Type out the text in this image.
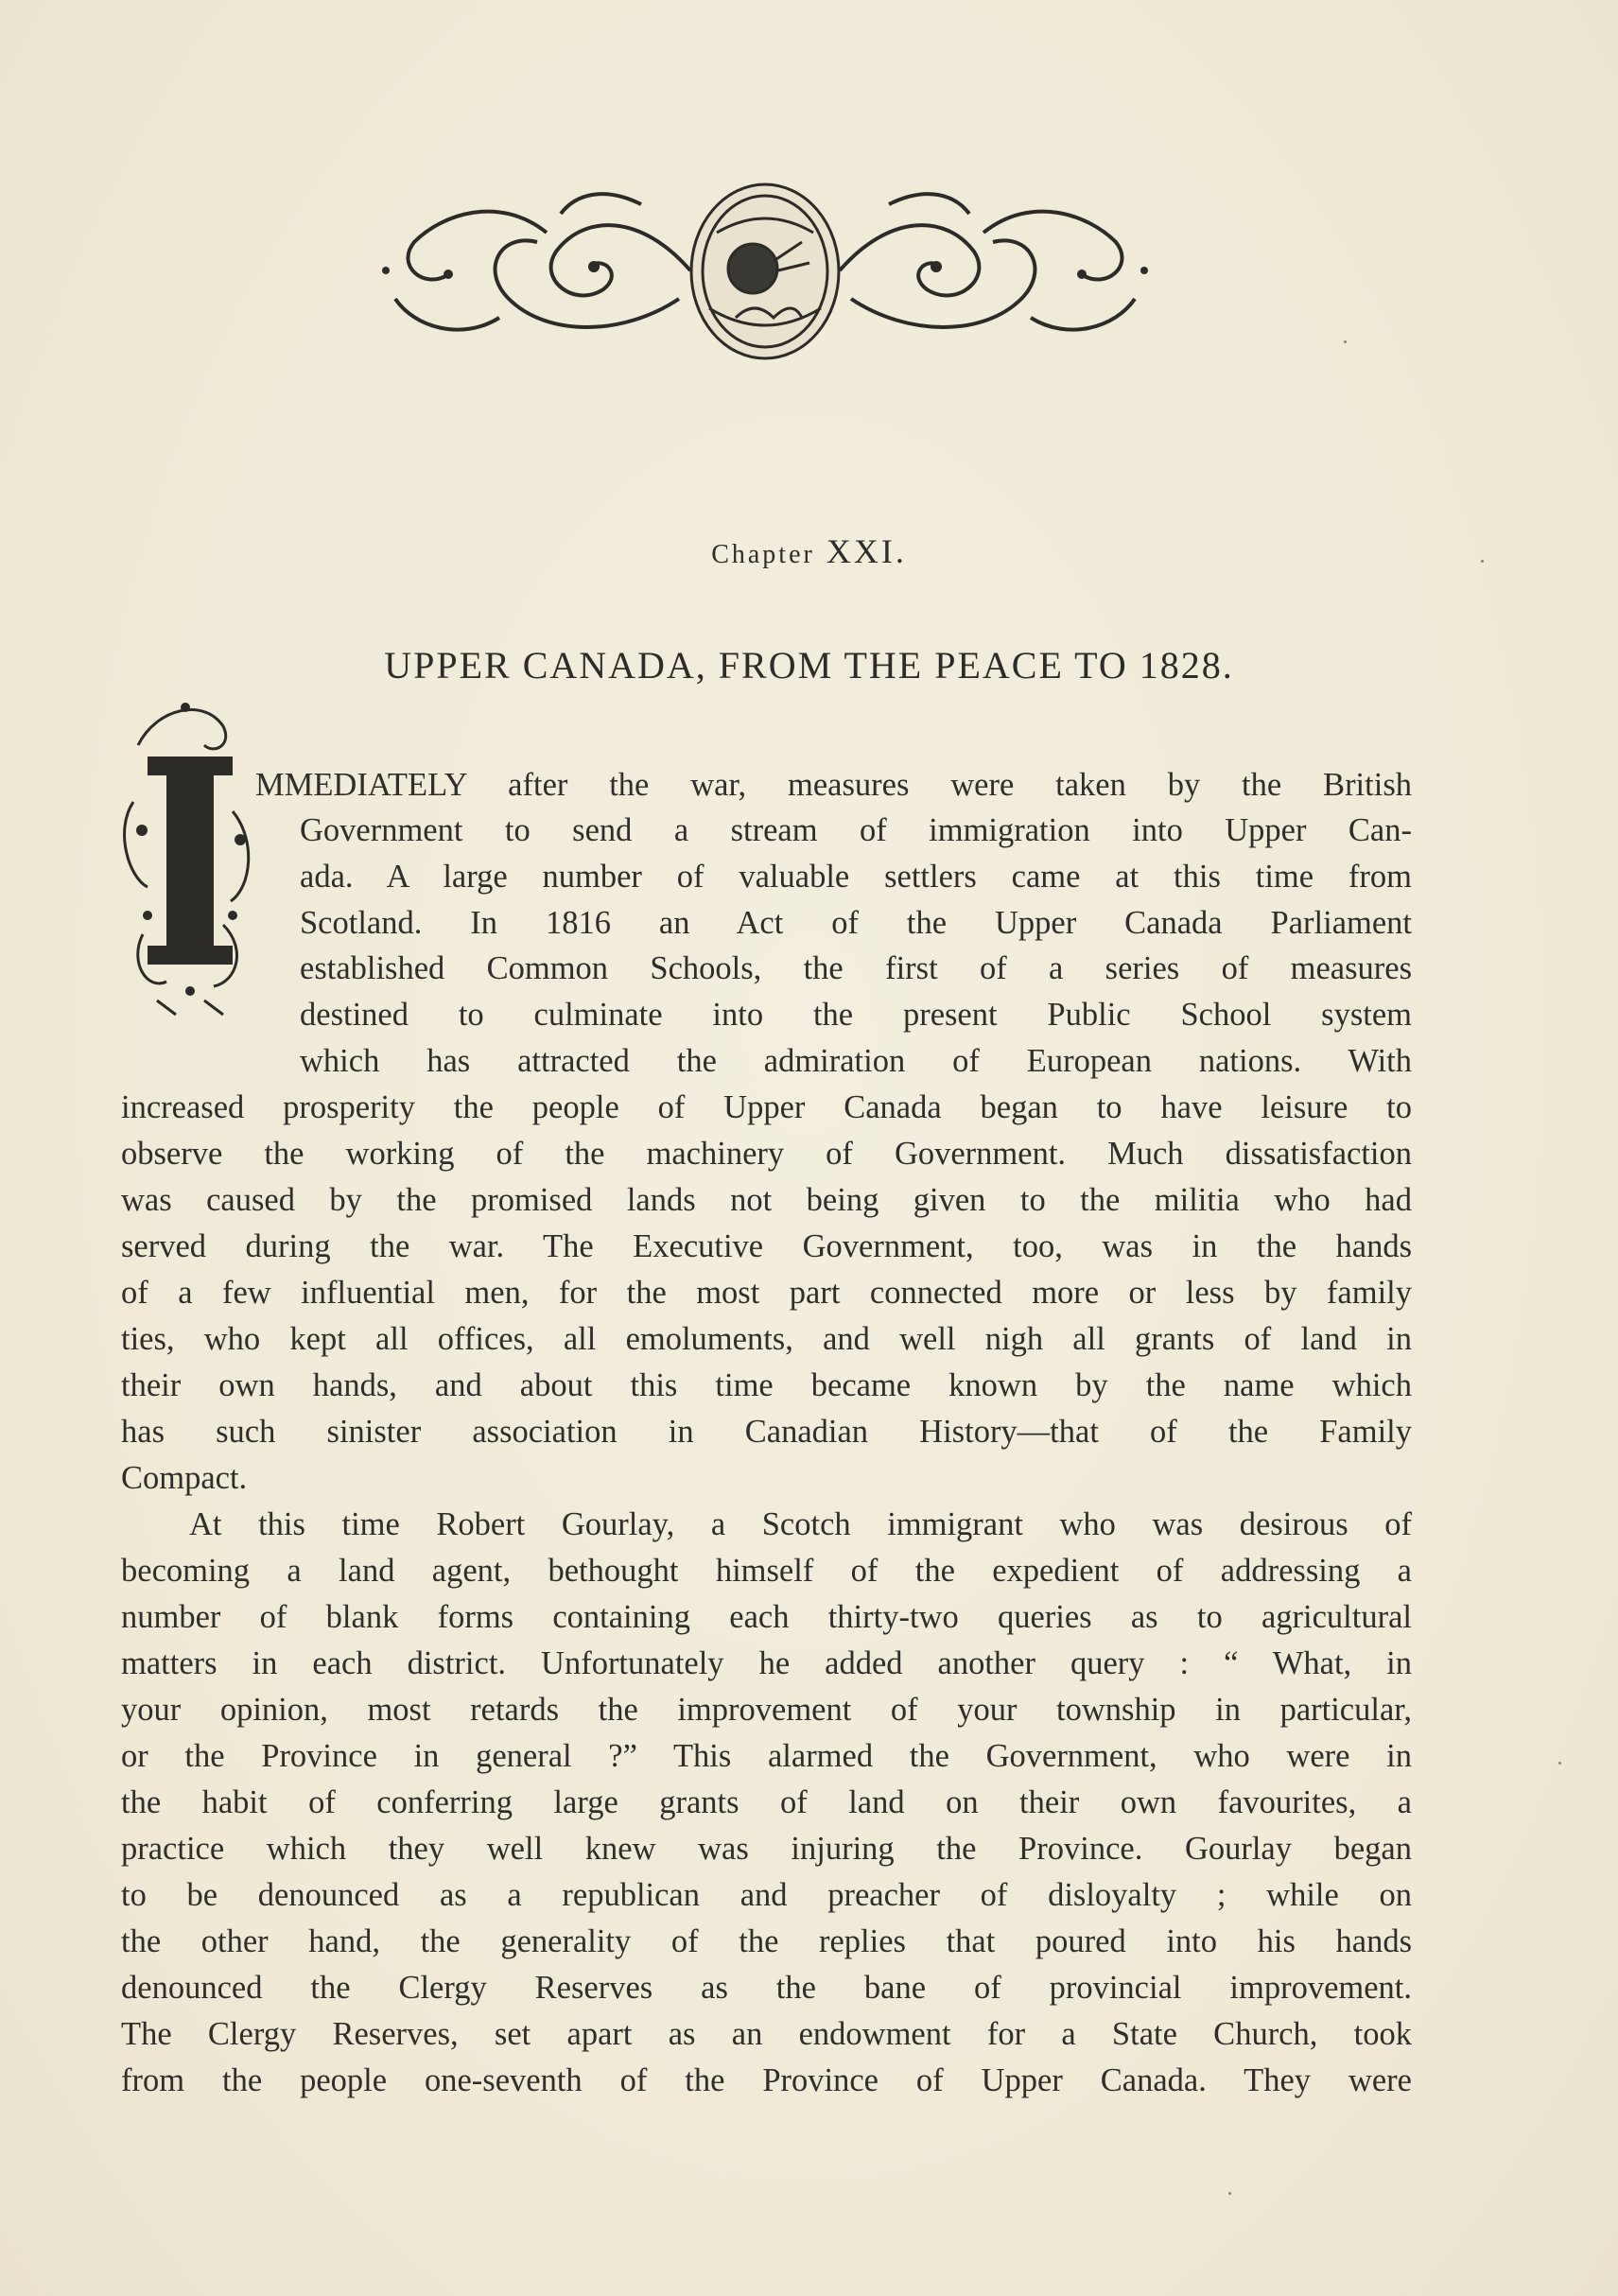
Chapter XXI.
UPPER CANADA, FROM THE PEACE TO 1828.
I
MMEDIATELY after the war, measures were taken by the British
Government to send a stream of immigration into Upper Can-
ada. A large number of valuable settlers came at this time from
Scotland. In 1816 an Act of the Upper Canada Parliament
established Common Schools, the first of a series of measures
destined to culminate into the present Public School system
which has attracted the admiration of European nations. With
increased prosperity the people of Upper Canada began to have leisure to
observe the working of the machinery of Government. Much dissatisfaction
was caused by the promised lands not being given to the militia who had
served during the war. The Executive Government, too, was in the hands
of a few influential men, for the most part connected more or less by family
ties, who kept all offices, all emoluments, and well nigh all grants of land in
their own hands, and about this time became known by the name which
has such sinister association in Canadian History—that of the Family
Compact.
At this time Robert Gourlay, a Scotch immigrant who was desirous of
becoming a land agent, bethought himself of the expedient of addressing a
number of blank forms containing each thirty-two queries as to agricultural
matters in each district. Unfortunately he added another query : “ What, in
your opinion, most retards the improvement of your township in particular,
or the Province in general ?” This alarmed the Government, who were in
the habit of conferring large grants of land on their own favourites, a
practice which they well knew was injuring the Province. Gourlay began
to be denounced as a republican and preacher of disloyalty ; while on
the other hand, the generality of the replies that poured into his hands
denounced the Clergy Reserves as the bane of provincial improvement.
The Clergy Reserves, set apart as an endowment for a State Church, took
from the people one-seventh of the Province of Upper Canada. They were
